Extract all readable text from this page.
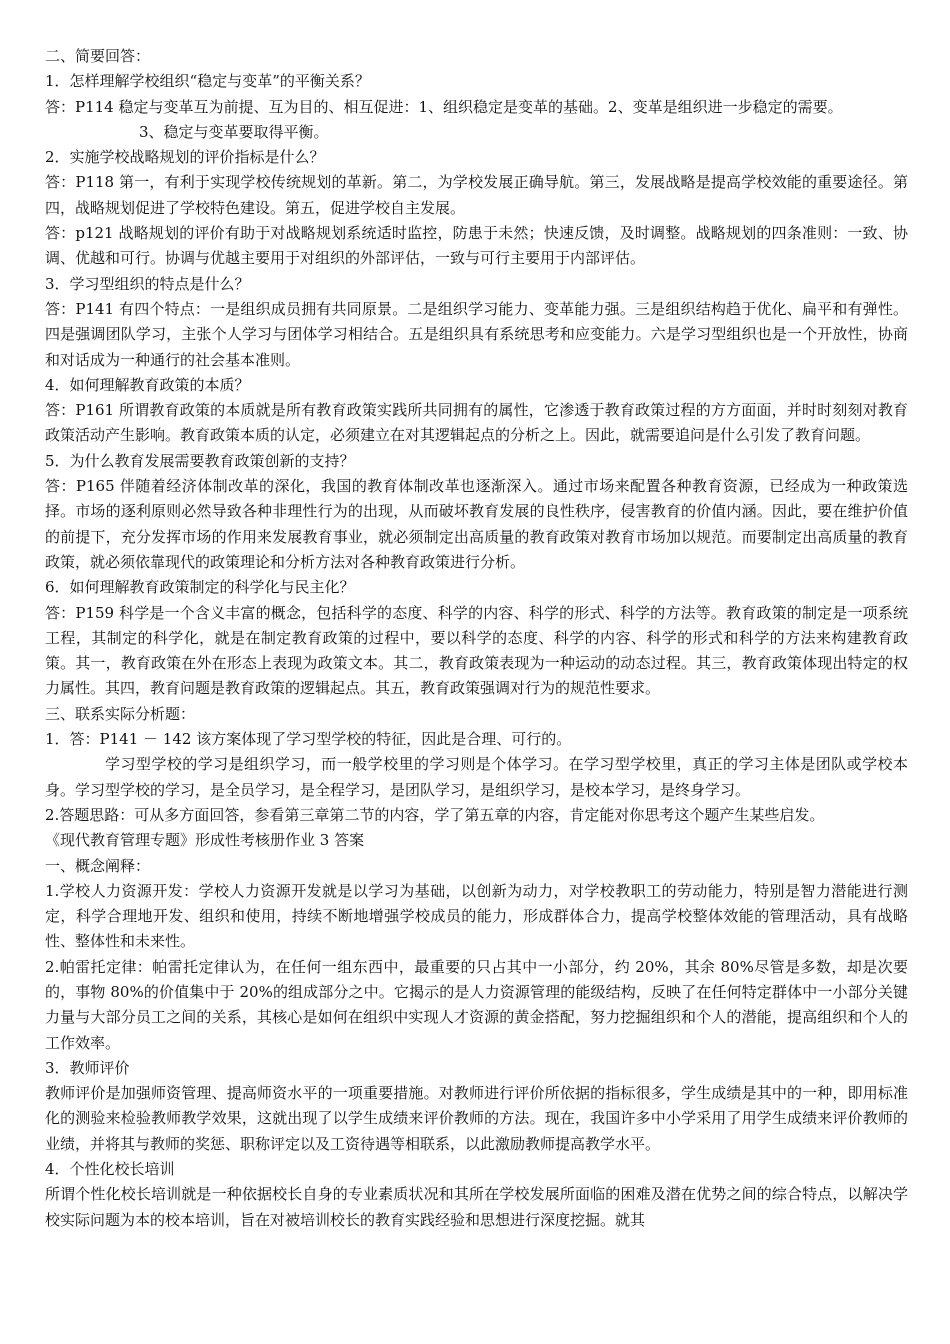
二、简要回答：

1．怎样理解学校组织“稳定与变革”的平衡关系？

答：P114 稳定与变革互为前提、互为目的、相互促进：1、组织稳定是变革的基础。2、变革是组织进一步稳定的需要。

3、稳定与变革要取得平衡。

2．实施学校战略规划的评价指标是什么？

答：P118 第一，有利于实现学校传统规划的革新。第二，为学校发展正确导航。第三，发展战略是提高学校效能的重要途径。第四，战略规划促进了学校特色建设。第五，促进学校自主发展。

答：p121 战略规划的评价有助于对战略规划系统适时监控，防患于未然；快速反馈，及时调整。战略规划的四条准则：一致、协调、优越和可行。协调与优越主要用于对组织的外部评估，一致与可行主要用于内部评估。

3．学习型组织的特点是什么？

答：P141 有四个特点：一是组织成员拥有共同原景。二是组织学习能力、变革能力强。三是组织结构趋于优化、扁平和有弹性。四是强调团队学习，主张个人学习与团体学习相结合。五是组织具有系统思考和应变能力。六是学习型组织也是一个开放性，协商和对话成为一种通行的社会基本准则。

4．如何理解教育政策的本质？

答：P161 所谓教育政策的本质就是所有教育政策实践所共同拥有的属性，它渗透于教育政策过程的方方面面，并时时刻刻对教育政策活动产生影响。教育政策本质的认定，必须建立在对其逻辑起点的分析之上。因此，就需要追问是什么引发了教育问题。

5．为什么教育发展需要教育政策创新的支持？

答：P165 伴随着经济体制改革的深化，我国的教育体制改革也逐渐深入。通过市场来配置各种教育资源，已经成为一种政策选择。市场的逐利原则必然导致各种非理性行为的出现，从而破坏教育发展的良性秩序，侵害教育的价值内涵。因此，要在维护价值的前提下，充分发挥市场的作用来发展教育事业，就必须制定出高质量的教育政策对教育市场加以规范。而要制定出高质量的教育政策，就必须依靠现代的政策理论和分析方法对各种教育政策进行分析。

6．如何理解教育政策制定的科学化与民主化？

答：P159 科学是一个含义丰富的概念，包括科学的态度、科学的内容、科学的形式、科学的方法等。教育政策的制定是一项系统工程，其制定的科学化，就是在制定教育政策的过程中，要以科学的态度、科学的内容、科学的形式和科学的方法来构建教育政策。其一，教育政策在外在形态上表现为政策文本。其二，教育政策表现为一种运动的动态过程。其三，教育政策体现出特定的权力属性。其四，教育问题是教育政策的逻辑起点。其五，教育政策强调对行为的规范性要求。

三、联系实际分析题：

1．答：P141 － 142 该方案体现了学习型学校的特征，因此是合理、可行的。

学习型学校的学习是组织学习，而一般学校里的学习则是个体学习。在学习型学校里，真正的学习主体是团队或学校本身。学习型学校的学习，是全员学习，是全程学习，是团队学习，是组织学习，是校本学习，是终身学习。

2.答题思路：可从多方面回答，参看第三章第二节的内容，学了第五章的内容，肯定能对你思考这个题产生某些启发。

《现代教育管理专题》形成性考核册作业 3 答案

一、概念阐释：

1.学校人力资源开发：学校人力资源开发就是以学习为基础，以创新为动力，对学校教职工的劳动能力，特别是智力潜能进行测定，科学合理地开发、组织和使用，持续不断地增强学校成员的能力，形成群体合力，提高学校整体效能的管理活动，具有战略性、整体性和未来性。

2.帕雷托定律：帕雷托定律认为，在任何一组东西中，最重要的只占其中一小部分，约 20%，其余 80%尽管是多数，却是次要的，事物 80%的价值集中于 20%的组成部分之中。它揭示的是人力资源管理的能级结构，反映了在任何特定群体中一小部分关键力量与大部分员工之间的关系，其核心是如何在组织中实现人才资源的黄金搭配，努力挖掘组织和个人的潜能，提高组织和个人的工作效率。

3．教师评价

教师评价是加强师资管理、提高师资水平的一项重要措施。对教师进行评价所依据的指标很多，学生成绩是其中的一种，即用标准化的测验来检验教师教学效果，这就出现了以学生成绩来评价教师的方法。现在，我国许多中小学采用了用学生成绩来评价教师的业绩，并将其与教师的奖惩、职称评定以及工资待遇等相联系，以此激励教师提高教学水平。

4．个性化校长培训

所谓个性化校长培训就是一种依据校长自身的专业素质状况和其所在学校发展所面临的困难及潜在优势之间的综合特点，以解决学校实际问题为本的校本培训，旨在对被培训校长的教育实践经验和思想进行深度挖掘。就其
